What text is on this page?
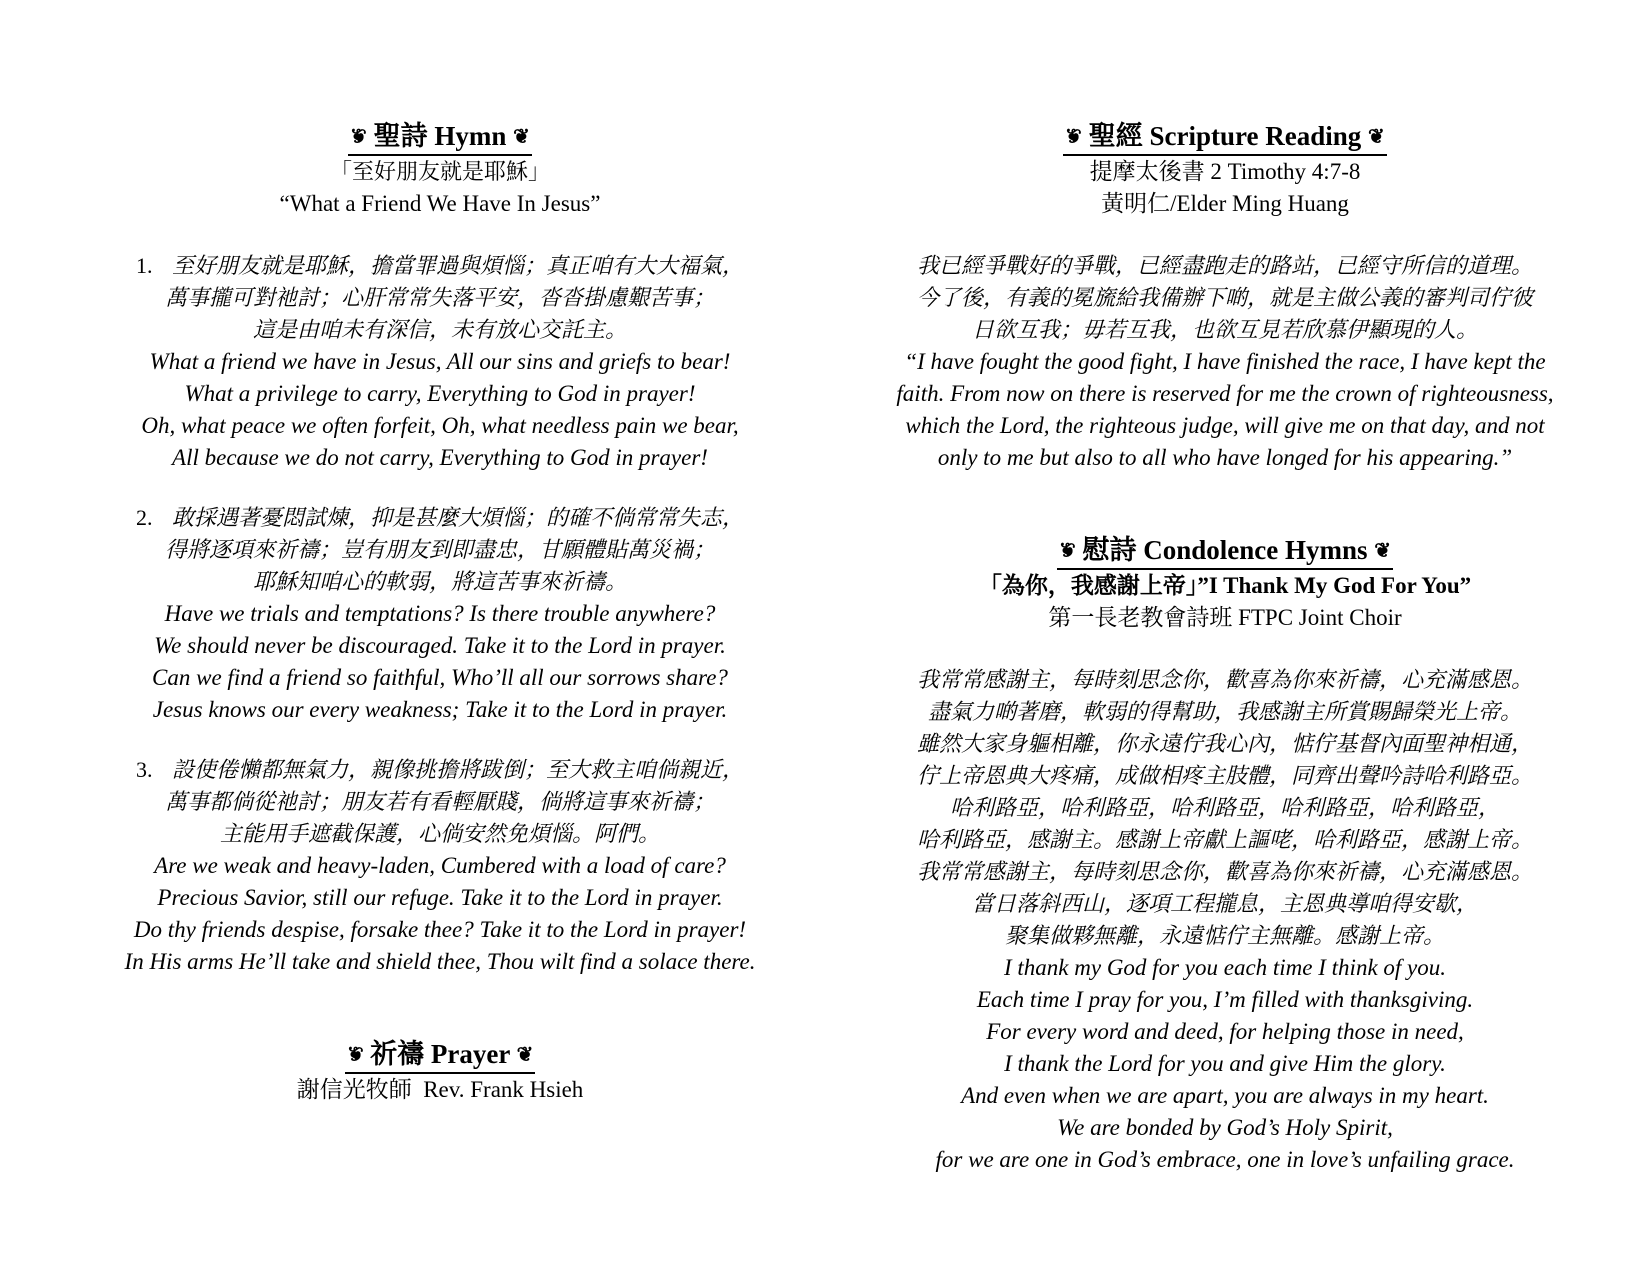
❦ 聖詩 Hymn ❦
「至好朋友就是耶穌」
“What a Friend We Have In Jesus”
1. 至好朋友就是耶穌，擔當罪過與煩惱；真正咱有大大福氣，
萬事攏可對祂討；心肝常常失落平安，沓沓掛慮艱苦事；
這是由咱未有深信，未有放心交託主。
What a friend we have in Jesus, All our sins and griefs to bear!
What a privilege to carry, Everything to God in prayer!
Oh, what peace we often forfeit, Oh, what needless pain we bear,
All because we do not carry, Everything to God in prayer!
2. 敢採遇著憂悶試煉，抑是甚麼大煩惱；的確不倘常常失志，
得將逐項來祈禱；豈有朋友到即盡忠，甘願體貼萬災禍；
耶穌知咱心的軟弱，將這苦事來祈禱。
Have we trials and temptations? Is there trouble anywhere?
We should never be discouraged. Take it to the Lord in prayer.
Can we find a friend so faithful, Who’ll all our sorrows share?
Jesus knows our every weakness; Take it to the Lord in prayer.
3. 設使倦懶都無氣力，親像挑擔將跋倒；至大救主咱倘親近，
萬事都倘從祂討；朋友若有看輕厭賤，倘將這事來祈禱；
主能用手遮截保護，心倘安然免煩惱。阿們。
Are we weak and heavy-laden, Cumbered with a load of care?
Precious Savior, still our refuge. Take it to the Lord in prayer.
Do thy friends despise, forsake thee? Take it to the Lord in prayer!
In His arms He’ll take and shield thee, Thou wilt find a solace there.
❦ 祈禱 Prayer ❦
謝信光牧師  Rev. Frank Hsieh
❦ 聖經 Scripture Reading ❦
提摩太後書 2 Timothy 4:7-8
黃明仁/Elder Ming Huang
我已經爭戰好的爭戰，已經盡跑走的路站，已經守所信的道理。
今了後，有義的冕旒給我備辦下啲，就是主做公義的審判司佇彼
日欲互我；毋若互我，也欲互見若欣慕伊顯現的人。
“I have fought the good fight, I have finished the race, I have kept the
faith. From now on there is reserved for me the crown of righteousness,
which the Lord, the righteous judge, will give me on that day, and not
only to me but also to all who have longed for his appearing.”
❦ 慰詩 Condolence Hymns ❦
「為你，我感謝上帝」”I Thank My God For You”
第一長老教會詩班 FTPC Joint Choir
我常常感謝主，每時刻思念你，歡喜為你來祈禱，心充滿感恩。
盡氣力啲著磨，軟弱的得幫助，我感謝主所賞賜歸榮光上帝。
雖然大家身軀相離，你永遠佇我心內，惦佇基督內面聖神相通，
佇上帝恩典大疼痛，成做相疼主肢體，同齊出聲吟詩哈利路亞。
哈利路亞，哈利路亞，哈利路亞，哈利路亞，哈利路亞，
哈利路亞，感謝主。感謝上帝獻上謳咾，哈利路亞，感謝上帝。
我常常感謝主，每時刻思念你，歡喜為你來祈禱，心充滿感恩。
當日落斜西山，逐項工程攏息，主恩典導咱得安歇，
聚集做夥無離，永遠惦佇主無離。感謝上帝。
I thank my God for you each time I think of you.
Each time I pray for you, I’m filled with thanksgiving.
For every word and deed, for helping those in need,
I thank the Lord for you and give Him the glory.
And even when we are apart, you are always in my heart.
We are bonded by God’s Holy Spirit,
for we are one in God’s embrace, one in love’s unfailing grace.
